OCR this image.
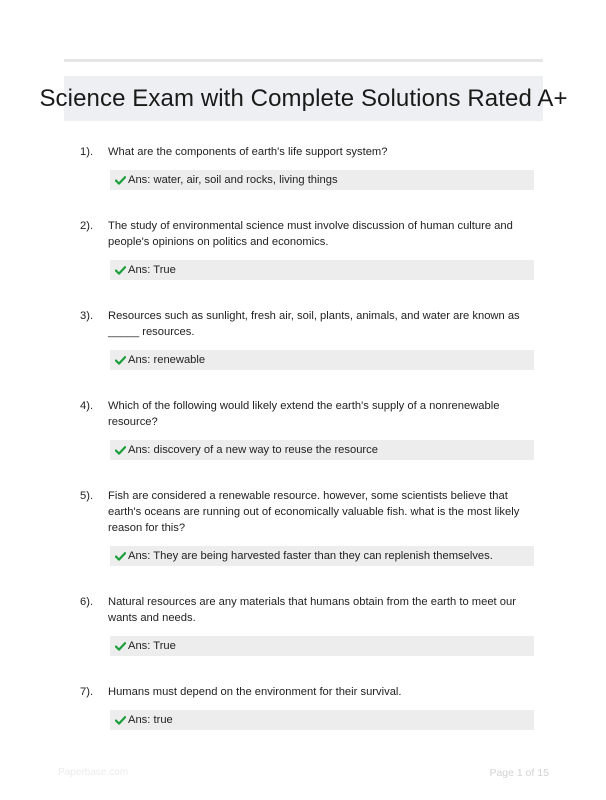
Science Exam with Complete Solutions Rated A+
1).	What are the components of earth's life support system?
Ans: water, air, soil and rocks, living things
2).	The study of environmental science must involve discussion of human culture and people's opinions on politics and economics.
Ans: True
3).	Resources such as sunlight, fresh air, soil, plants, animals, and water are known as _____ resources.
Ans: renewable
4).	Which of the following would likely extend the earth's supply of a nonrenewable resource?
Ans: discovery of a new way to reuse the resource
5).	Fish are considered a renewable resource. however, some scientists believe that earth's oceans are running out of economically valuable fish. what is the most likely reason for this?
Ans: They are being harvested faster than they can replenish themselves.
6).	Natural resources are any materials that humans obtain from the earth to meet our wants and needs.
Ans: True
7).	Humans must depend on the environment for their survival.
Ans: true
Paperbase.com	Page 1 of 15
